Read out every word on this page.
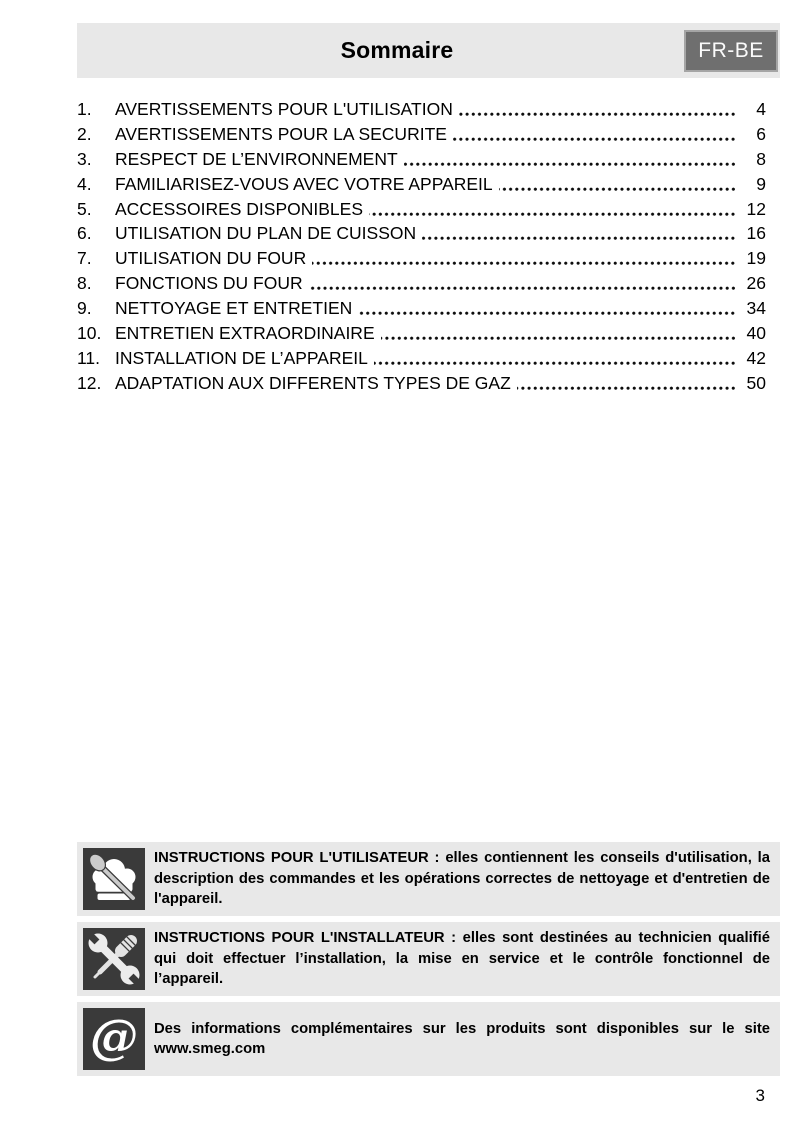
Sommaire	FR-BE
1.	AVERTISSEMENTS POUR L'UTILISATION	4
2.	AVERTISSEMENTS POUR LA SECURITE	6
3.	RESPECT DE L’ENVIRONNEMENT	8
4.	FAMILIARISEZ-VOUS AVEC VOTRE APPAREIL	9
5.	ACCESSOIRES DISPONIBLES	12
6.	UTILISATION DU PLAN DE CUISSON	16
7.	UTILISATION DU FOUR	19
8.	FONCTIONS DU FOUR	26
9.	NETTOYAGE ET ENTRETIEN	34
10. ENTRETIEN EXTRAORDINAIRE	40
11. INSTALLATION DE L’APPAREIL	42
12. ADAPTATION AUX DIFFERENTS TYPES DE GAZ	50
INSTRUCTIONS POUR L'UTILISATEUR : elles contiennent les conseils d'utilisation, la description des commandes et les opérations correctes de nettoyage et d'entretien de l'appareil.
INSTRUCTIONS POUR L'INSTALLATEUR : elles sont destinées au technicien qualifié qui doit effectuer l’installation, la mise en service et le contrôle fonctionnel de l’appareil.
@ Des informations complémentaires sur les produits sont disponibles sur le site www.smeg.com
3
